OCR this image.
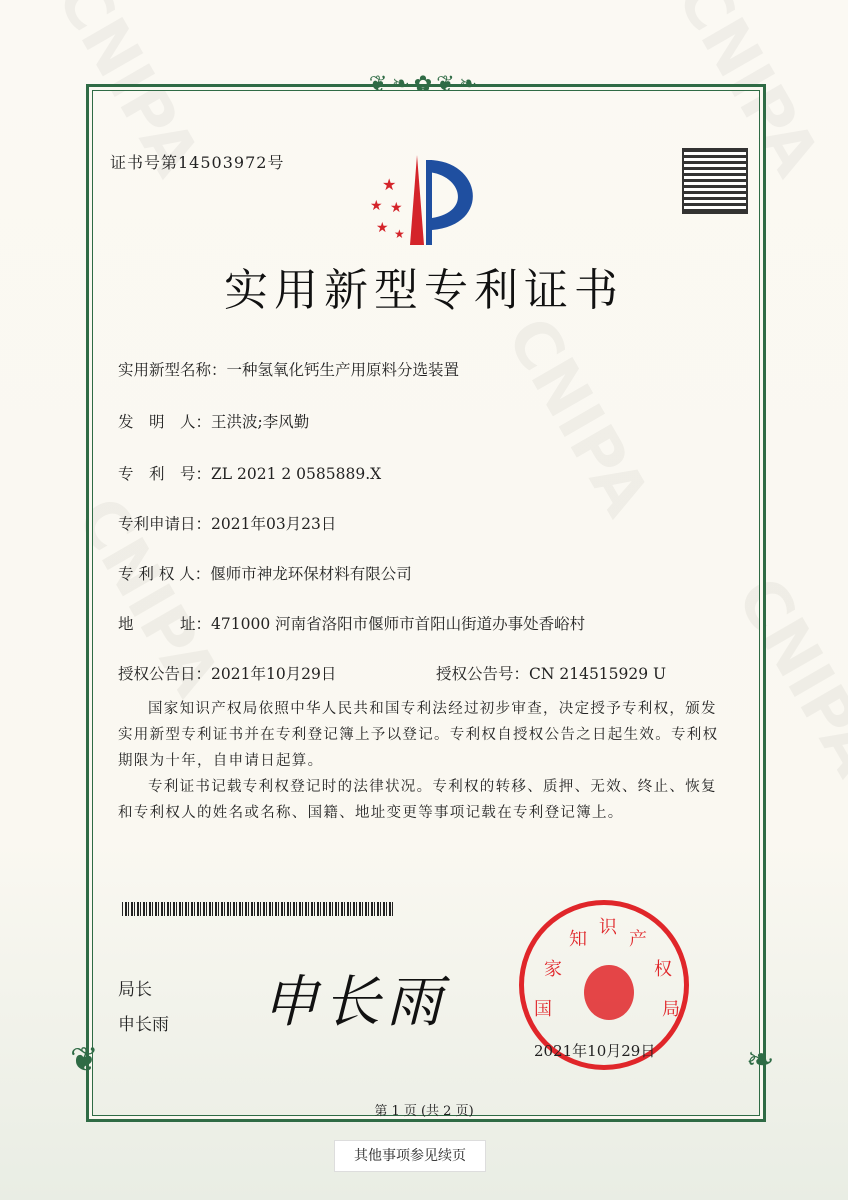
❦❧✿❦❧
❦	❧
证书号第14503972号
★
★ ★
★ ★
实用新型专利证书
实用新型名称：一种氢氧化钙生产用原料分选装置
发　明　人：王洪波;李风勤
专　利　号：ZL 2021 2 0585889.X
专利申请日：2021年03月23日
专 利 权 人：偃师市神龙环保材料有限公司
地　　　址：471000 河南省洛阳市偃师市首阳山街道办事处香峪村
授权公告日：2021年10月29日	授权公告号：CN 214515929 U
国家知识产权局依照中华人民共和国专利法经过初步审查，决定授予专利权，颁发实用新型专利证书并在专利登记簿上予以登记。专利权自授权公告之日起生效。专利权期限为十年，自申请日起算。
专利证书记载专利权登记时的法律状况。专利权的转移、质押、无效、终止、恢复和专利权人的姓名或名称、国籍、地址变更等事项记载在专利登记簿上。
局长
申长雨 申长雨	国
家
知
识
产
权
局
2021年10月29日
第 1 页 (共 2 页)
其他事项参见续页
